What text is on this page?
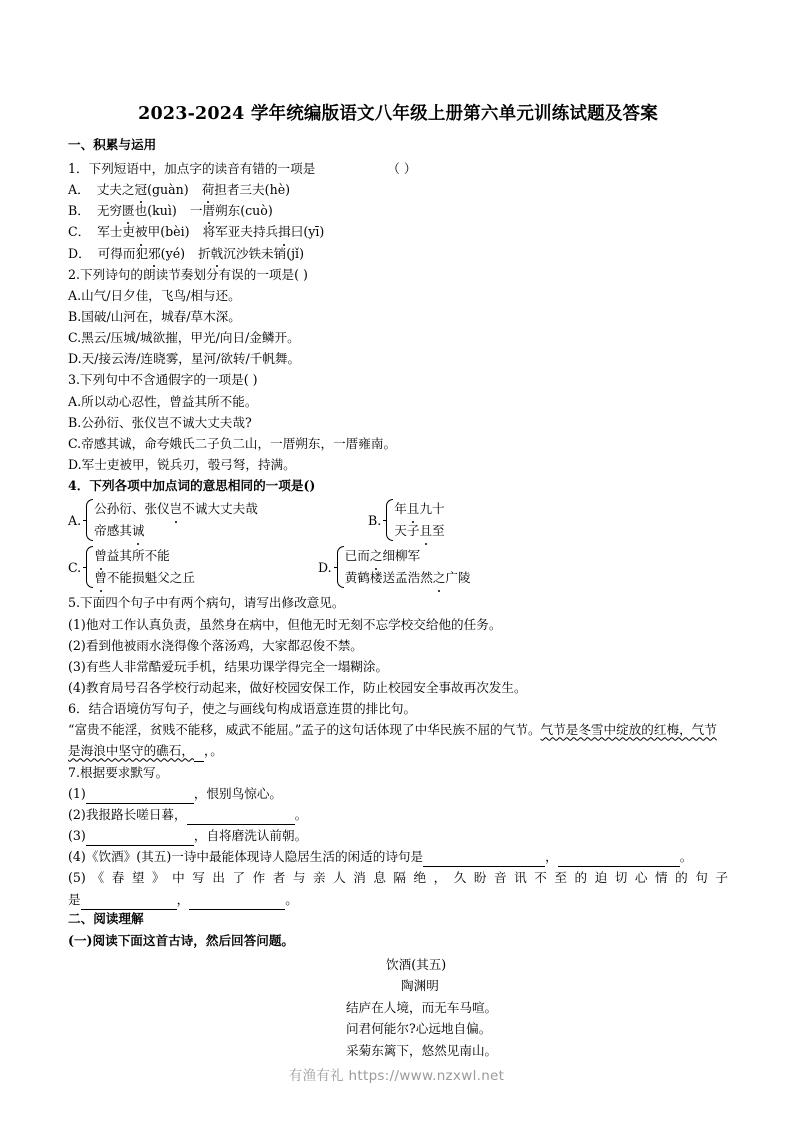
2023-2024 学年统编版语文八年级上册第六单元训练试题及答案
一、积累与运用
1．下列短语中，加点字的读音有错的一项是	（ ）
A． 丈夫之冠(guàn) 荷担者三夫(hè)
B． 无穷匮也(kuì) 一厝朔东(cuò)
C． 军士吏被甲(bèi) 将军亚夫持兵揖曰(yī)
D． 可得而犯邪(yé) 折戟沉沙铁未销(jǐ)
2.下列诗句的朗读节奏划分有误的一项是( )
A.山气/日夕佳，飞鸟/相与还。
B.国破/山河在，城春/草木深。
C.黑云/压城/城欲摧，甲光/向日/金鳞开。
D.天/接云涛/连晓雾，星河/欲转/千帆舞。
3.下列句中不含通假字的一项是( )
A.所以动心忍性，曾益其所不能。
B.公孙衍、张仪岂不诚大丈夫哉?
C.帝感其诚，命夸娥氏二子负二山，一厝朔东，一厝雍南。
D.军士吏被甲，锐兵刃，彀弓弩，持满。
4．下列各项中加点词的意思相同的一项是()
A.
公孙衍、张仪岂不诚大丈夫哉
帝感其诚
B.
年且九十
天子且至
C.
曾益其所不能
曾不能损魁父之丘
D.
已而之细柳军
黄鹤楼送孟浩然之广陵
5.下面四个句子中有两个病句，请写出修改意见。
(1)他对工作认真负责，虽然身在病中，但他无时无刻不忘学校交给他的任务。
(2)看到他被雨水浇得像个落汤鸡，大家都忍俊不禁。
(3)有些人非常酷爱玩手机，结果功课学得完全一塌糊涂。
(4)教育局号召各学校行动起来，做好校园安保工作，防止校园安全事故再次发生。
6．结合语境仿写句子，使之与画线句构成语意连贯的排比句。
“富贵不能淫，贫贱不能移，威武不能屈。”孟子的这句话体现了中华民族不屈的气节。气节是冬雪中绽放的红梅，气节是海浪中坚守的礁石， ，。
7.根据要求默写。
(1)	，恨别鸟惊心。
(2)我报路长嗟日暮，	。
(3)	，自将磨洗认前朝。
(4)《饮酒》(其五)一诗中最能体现诗人隐居生活的闲适的诗句是	，	。
(5) 《 春 望 》 中 写 出 了 作 者 与 亲 人 消 息 隔 绝 ， 久 盼 音 讯 不 至 的 迫 切 心 情 的 句 子
是	，	。
二、阅读理解
(一)阅读下面这首古诗，然后回答问题。
饮酒(其五)
陶渊明
结庐在人境，而无车马喧。
问君何能尔?心远地自偏。
采菊东篱下，悠然见南山。
有渔有礼 https://www.nzxwl.net
